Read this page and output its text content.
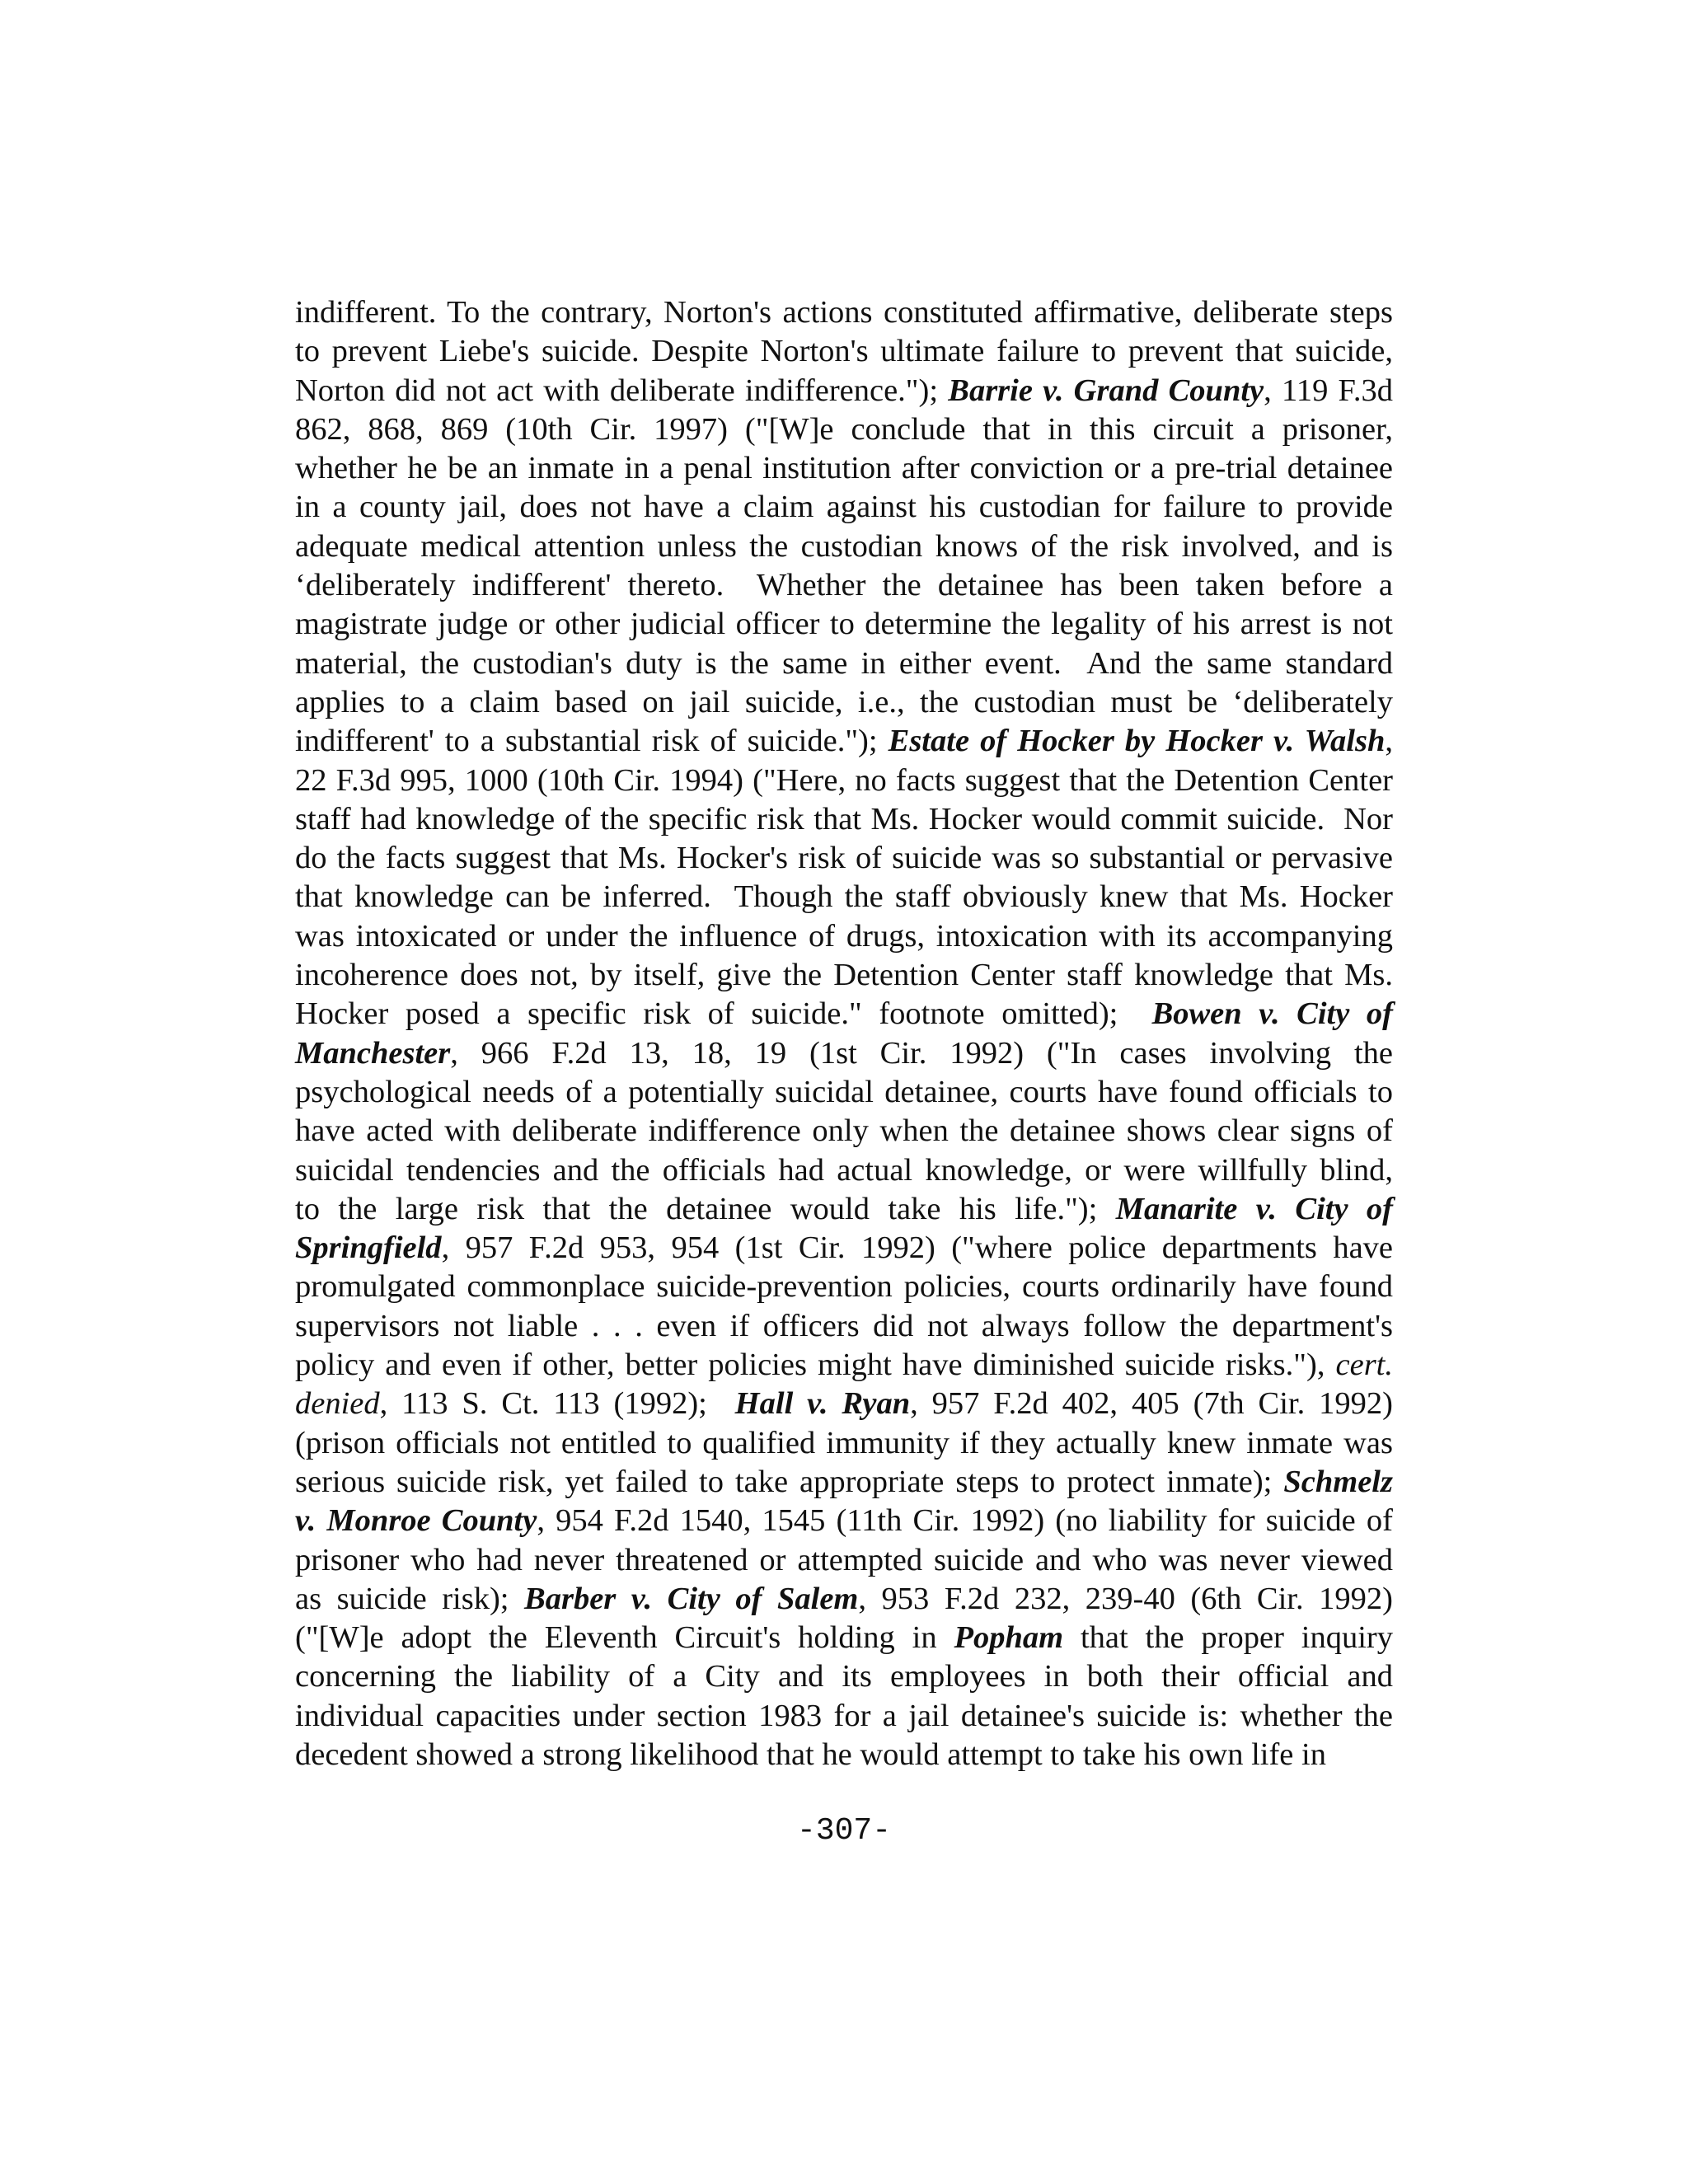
indifferent. To the contrary, Norton's actions constituted affirmative, deliberate steps
to prevent Liebe's suicide. Despite Norton's ultimate failure to prevent that suicide,
Norton did not act with deliberate indifference."); Barrie v. Grand County, 119 F.3d
862, 868, 869 (10th Cir. 1997) ("[W]e conclude that in this circuit a prisoner,
whether he be an inmate in a penal institution after conviction or a pre-trial detainee
in a county jail, does not have a claim against his custodian for failure to provide
adequate medical attention unless the custodian knows of the risk involved, and is
‘deliberately indifferent' thereto.  Whether the detainee has been taken before a
magistrate judge or other judicial officer to determine the legality of his arrest is not
material, the custodian's duty is the same in either event.  And the same standard
applies to a claim based on jail suicide, i.e., the custodian must be ‘deliberately
indifferent' to a substantial risk of suicide."); Estate of Hocker by Hocker v. Walsh,
22 F.3d 995, 1000 (10th Cir. 1994) ("Here, no facts suggest that the Detention Center
staff had knowledge of the specific risk that Ms. Hocker would commit suicide.  Nor
do the facts suggest that Ms. Hocker's risk of suicide was so substantial or pervasive
that knowledge can be inferred.  Though the staff obviously knew that Ms. Hocker
was intoxicated or under the influence of drugs, intoxication with its accompanying
incoherence does not, by itself, give the Detention Center staff knowledge that Ms.
Hocker posed a specific risk of suicide." footnote omitted);  Bowen v. City of
Manchester, 966 F.2d 13, 18, 19 (1st Cir. 1992) ("In cases involving the
psychological needs of a potentially suicidal detainee, courts have found officials to
have acted with deliberate indifference only when the detainee shows clear signs of
suicidal tendencies and the officials had actual knowledge, or were willfully blind,
to the large risk that the detainee would take his life."); Manarite v. City of
Springfield, 957 F.2d 953, 954 (1st Cir. 1992) ("where police departments have
promulgated commonplace suicide-prevention policies, courts ordinarily have found
supervisors not liable . . . even if officers did not always follow the department's
policy and even if other, better policies might have diminished suicide risks."), cert.
denied, 113 S. Ct. 113 (1992);  Hall v. Ryan, 957 F.2d 402, 405 (7th Cir. 1992)
(prison officials not entitled to qualified immunity if they actually knew inmate was
serious suicide risk, yet failed to take appropriate steps to protect inmate); Schmelz
v. Monroe County, 954 F.2d 1540, 1545 (11th Cir. 1992) (no liability for suicide of
prisoner who had never threatened or attempted suicide and who was never viewed
as suicide risk); Barber v. City of Salem, 953 F.2d 232, 239-40 (6th Cir. 1992)
("[W]e adopt the Eleventh Circuit's holding in Popham that the proper inquiry
concerning the liability of a City and its employees in both their official and
individual capacities under section 1983 for a jail detainee's suicide is: whether the
decedent showed a strong likelihood that he would attempt to take his own life in
-307-
